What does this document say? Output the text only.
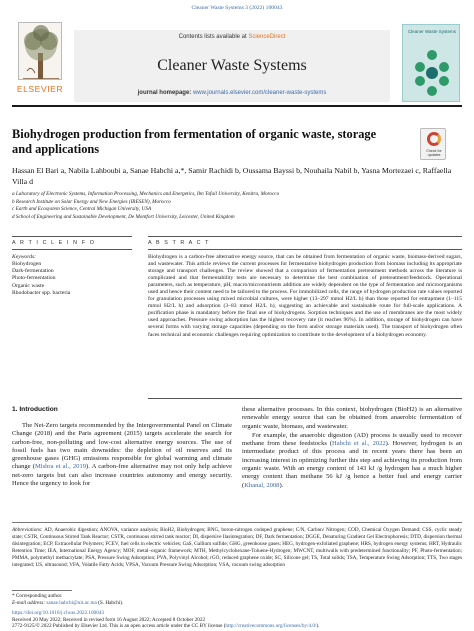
Cleaner Waste Systems 3 (2022) 100043
ELSEVIER
Contents lists available at ScienceDirect
Cleaner Waste Systems
journal homepage: www.journals.elsevier.com/cleaner-waste-systems
Cleaner Waste Systems
Biohydrogen production from fermentation of organic waste, storage and applications	Check for updates
Hassan El Bari a, Nabila Lahboubi a, Sanae Habchi a,*, Samir Rachidi b, Oussama Bayssi b, Nouhaila Nabil b, Yasna Mortezaei c, Raffaella Villa d
a Laboratory of Electronic Systems, Information Processing, Mechanics and Energetics, Ibn Tofail University, Kenitra, Morocco
b Research Institute on Solar Energy and New Energies (IRESEN), Morocco
c Earth and Ecosystem Science, Central Michigan University, USA
d School of Engineering and Sustainable Development, De Montfort University, Leicester, United Kingdom
A R T I C L E I N F O	A B S T R A C T
Keywords:
Biohydrogen
Dark-fermentation
Photo-fermentation
Organic waste
Rhodobacter spp. bacteria
Biohydrogen is a carbon-free alternative energy source, that can be obtained from fermentation of organic waste, biomass-derived sugars, and wastewater. This article reviews the current processes for fermentative biohydrogen production from biomass including its appropriate storage and transport challenges. The review showed that a comparison of fermentation pretreatment methods across the literature is complicated and that fermentability tests are necessary to determine the best combination of pretreatment/feedstock. Operational parameters, such as temperature, pH, macro/micronutrients addition are widely dependent on the type of fermentation and microorganisms used and hence their content need to be tailored to the process. For immobilized cells, the range of hydrogen production rate values reported for granulation processes using mixed microbial cultures, were higher (13–297 mmol H2/L h) than those reported for entrapment (1–115 mmol H2/L h) and adsorption (3–83 mmol H2/L h), suggesting an achievable and sustainable route for full-scale applications. A purification phase is mandatory before the final use of biohydrogens. Sorption techniques and the use of membranes are the most widely used approaches. Pressure swing adsorption has the highest recovery rate (it reaches 96%). In addition, storage of biohydrogen can have several forms with varying storage capacities (depending on the form and/or storage materials used). The transport of biohydrogen often faces technical and economic challenges requiring optimization to contribute to the development of a biohydrogen economy.
1. Introduction
The Net-Zero targets recommended by the Intergovernmental Panel on Climate Change (2018) and the Paris agreement (2015) targets accelerate the search for carbon-free, non-polluting and low-cost alternative energy sources. The use of fossil fuels has two main downsides: the depletion of oil reserves and its greenhouse gases (GHG) emissions responsible for global warming and climate change (Mishra et al., 2019). A carbon-free alternative may not only help achieve net-zero targets but can also increase countries autonomy and energy security. Hence the urgency to look for

these alternative processes. In this context, biohydrogen (BioH2) is an alternative renewable energy source that can be obtained from anaerobic fermentation of organic waste, biomass, and wastewater.

For example, the anaerobic digestion (AD) process is usually used to recover methane from these feedstocks (Habchi et al., 2022). However, hydrogen is an intermediate product of this process and in recent years there has been an increasing interest in optimizing further this step and achieving its production from organic waste. With an energy content of 143 kJ /g hydrogen has a much higher energy content than methane 56 kJ /g hence a better fuel and energy carrier (Khanal, 2008).

Abbreviations: AD, Anaerobic digestion; ANOVA, variance analysis; BioH2, Biohydrogen; BNG, boron-nitrogen codoped graphene; C/N, Carbon/ Nitrogen; COD, Chemical Oxygen Demand; CSS, cyclic steady state; CSTR, Continuous Stirred Tank Reactor; CSTR, continuous stirred tank reactor; DI, dispersive Ilasintegration; DF, Dark fermentation; DGGE, Denaturing Gradient Gel Electrophoresis; DTD, dispersion thermal disintegration; ECP, Extracellular Polymers; FCEV, fuel cells in electric vehicles; GaS, Gallium sulfide; GHG, greenhouse gases; HEG, hydrogen-exfoliated graphene; HRS, hydrogen energy systems; HRT, Hydraulic Retention Time; IEA, International Energy Agency; MOF, metal–organic framework; MTH, Methylcyclohexane-Toluene-Hydrogen; MWCNT, multiwalls with predetermined functionality; PF, Photo-fermentation; PMMA, polymethyl methacrylate; PSA, Pressure Swing Adsorption; PVA, Polyvinyl Alcohol; rGO, reduced graphene oxide; SC, Silicone gel; TS, Total solids; TSA, Temperature Swing Adsorption; TTS, Two stages integrated; US, ultrasound; VFA, Volatile Fatty Acids; VPSA, Vacuum Pressure Swing Adsorption; VSA, vacuum swing adsorption
* Corresponding author.
E-mail address: sanae.habchi@uit.ac.ma (S. Habchi).
https://doi.org/10.1016/j.clwas.2022.100043
Received 20 May 2022; Received in revised form 16 August 2022; Accepted 8 October 2022
2772-9125/© 2022 Published by Elsevier Ltd. This is an open access article under the CC BY license (http://creativecommons.org/licenses/by/4.0/).
